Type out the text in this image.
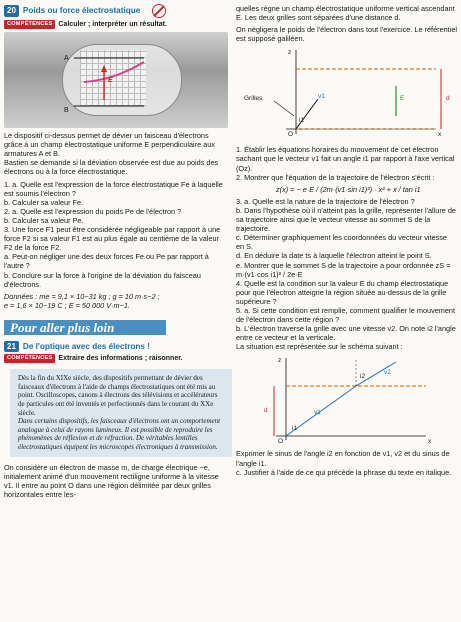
20 Poids ou force électrostatique
COMPÉTENCES Calculer ; interpréter un résultat.
A
B
E

Le dispositif ci-dessus permet de dévier un faisceau d'électrons grâce à un champ électrostatique uniforme E perpendiculaire aux armatures A et B.

Bastien se demande si la déviation observée est due au poids des électrons ou à la force électrostatique.

1. a. Quelle est l'expression de la force électrostatique Fe à laquelle est soumis l'électron ?

b. Calculer sa valeur Fe.

2. a. Quelle est l'expression du poids Pe de l'électron ?

b. Calculer sa valeur Pe.

3. Une force F1 peut être considérée négligeable par rapport à une force F2 si sa valeur F1 est au plus égale au centième de la valeur F2 de la force F2.

a. Peut-on négliger une des deux forces Fe ou Pe par rapport à l'autre ?

b. Conclure sur la force à l'origine de la déviation du faisceau d'électrons.

Données : me = 9,1 × 10−31 kg ; g = 10 m·s−2 ;

e = 1,6 × 10−19 C ; E = 50 000 V·m−1.

Pour aller plus loin
21 De l'optique avec des électrons !
COMPÉTENCES Extraire des informations ; raisonner.

Dès la fin du XIXe siècle, des dispositifs permettant de dévier des faisceaux d'électrons à l'aide de champs électrostatiques ont été mis au point. Oscilloscopes, canons à électrons des télévisions et accélérateurs de particules ont été inventés et perfectionnés dans le courant du XXe siècle.

Dans certains dispositifs, les faisceaux d'électrons ont un comportement analogue à celui de rayons lumineux. Il est possible de reproduire les phénomènes de réflexion et de réfraction. De véritables lentilles électrostatiques équipent les microscopes électroniques à transmission.

On considère un électron de masse m, de charge électrique −e, initialement animé d'un mouvement rectiligne uniforme à la vitesse v1. Il entre au point O dans une région délimitée par deux grilles horizontales entre les-

quelles règne un champ électrostatique uniforme vertical ascendant E. Les deux grilles sont séparées d'une distance d.

On négligera le poids de l'électron dans tout l'exercice. Le référentiel est supposé galiléen.

z
Grilles	v1	E	d
O	x
i1

1. Établir les équations horaires du mouvement de cet électron sachant que le vecteur v1 fait un angle i1 par rapport à l'axe vertical (Oz).

2. Montrer que l'équation de la trajectoire de l'électron s'écrit :

z(x) = − e·E / (2m·(v1·sin i1)²) · x² + x / tan i1

3. a. Quelle est la nature de la trajectoire de l'électron ?

b. Dans l'hypothèse où il n'atteint pas la grille, représenter l'allure de sa trajectoire ainsi que le vecteur vitesse au sommet S de la trajectoire.

c. Déterminer graphiquement les coordonnées du vecteur vitesse en S.

d. En déduire la date ts à laquelle l'électron atteint le point S.

e. Montrer que le sommet S de la trajectoire a pour ordonnée zS = m·(v1·cos i1)² / 2e·E

4. Quelle est la condition sur la valeur E du champ électrostatique pour que l'électron atteigne la région située au-dessus de la grille supérieure ?

5. a. Si cette condition est remplie, comment qualifier le mouvement de l'électron dans cette région ?

b. L'électron traverse la grille avec une vitesse v2. On note i2 l'angle entre ce vecteur et la verticale.

La situation est représentée sur le schéma suivant :

z
v2
i2
d	v1
i1
O	x

Exprimer le sinus de l'angle i2 en fonction de v1, v2 et du sinus de l'angle i1.

c. Justifier à l'aide de ce qui précède la phrase du texte en italique.
